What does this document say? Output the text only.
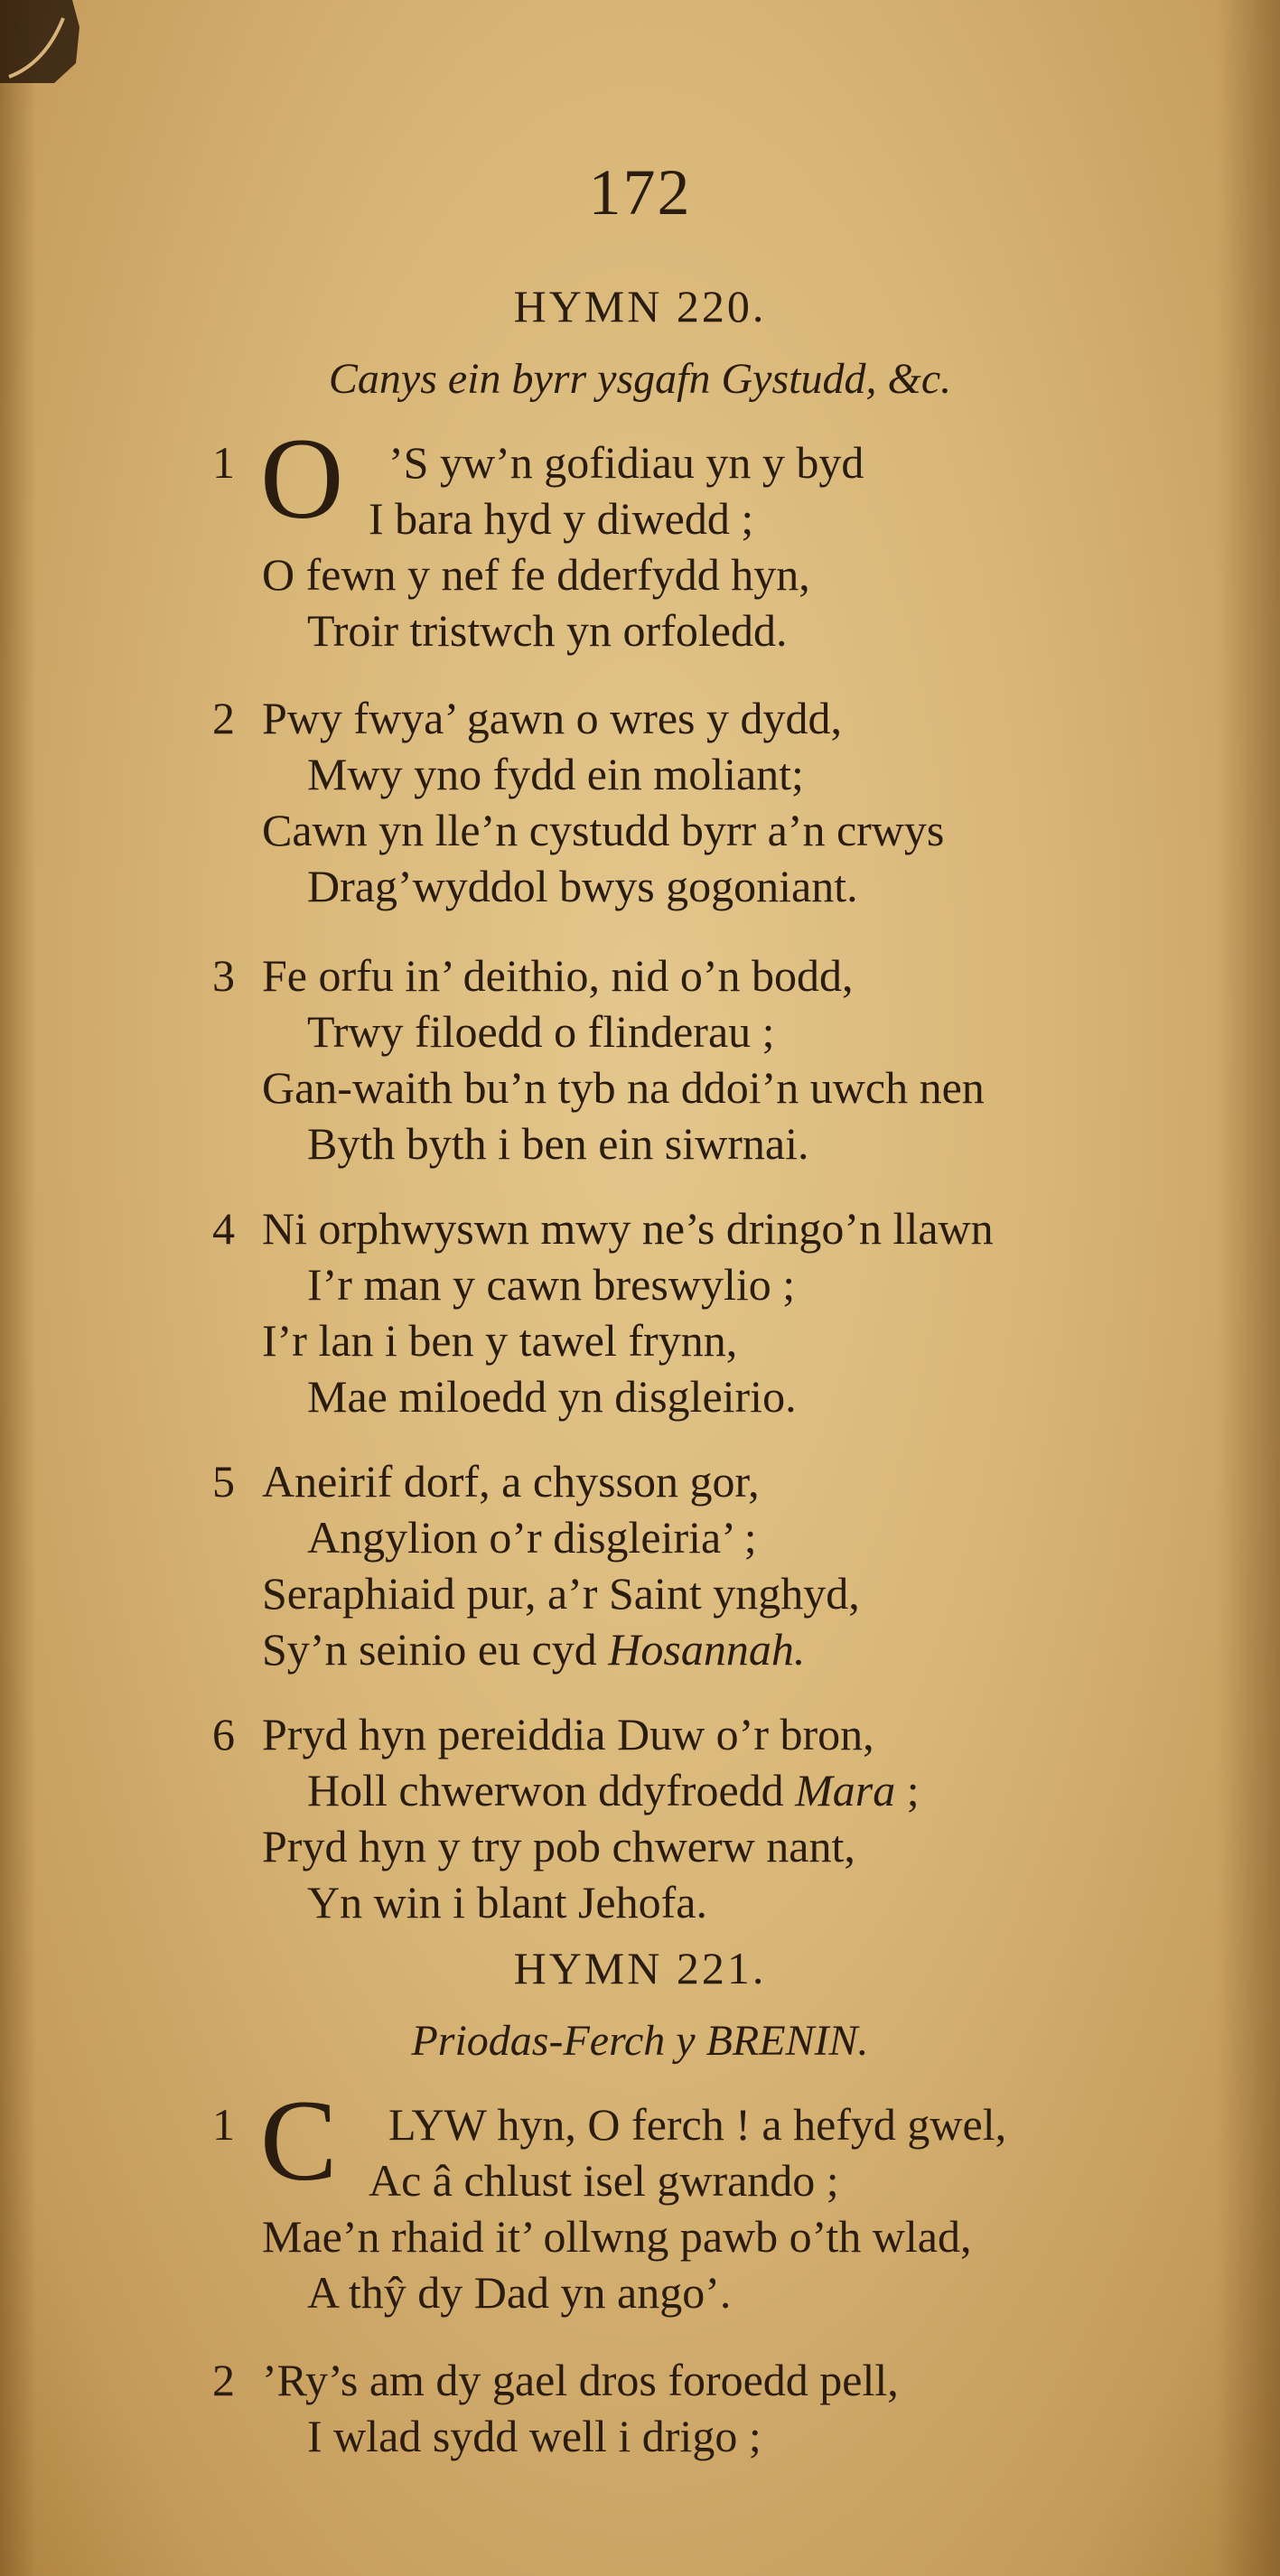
172
HYMN 220.
Canys ein byrr ysgafn Gystudd, &c.
1 O ’S yw’n gofidiau yn y byd
I bara hyd y diwedd ;
O fewn y nef fe dderfydd hyn,
Troir tristwch yn orfoledd.
2 Pwy fwya’ gawn o wres y dydd,
Mwy yno fydd ein moliant;
Cawn yn lle’n cystudd byrr a’n crwys
Drag’wyddol bwys gogoniant.
3 Fe orfu in’ deithio, nid o’n bodd,
Trwy filoedd o flinderau ;
Gan-waith bu’n tyb na ddoi’n uwch nen
Byth byth i ben ein siwrnai.
4 Ni orphwyswn mwy ne’s dringo’n llawn
I’r man y cawn breswylio ;
I’r lan i ben y tawel frynn,
Mae miloedd yn disgleirio.
5 Aneirif dorf, a chysson gor,
Angylion o’r disgleiria’ ;
Seraphiaid pur, a’r Saint ynghyd,
Sy’n seinio eu cyd Hosannah.
6 Pryd hyn pereiddia Duw o’r bron,
Holl chwerwon ddyfroedd Mara ;
Pryd hyn y try pob chwerw nant,
Yn win i blant Jehofa.
HYMN 221.
Priodas-Ferch y BRENIN.
1 C LYW hyn, O ferch ! a hefyd gwel,
Ac â chlust isel gwrando ;
Mae’n rhaid it’ ollwng pawb o’th wlad,
A thŷ dy Dad yn ango’.
2 ’Ry’s am dy gael dros foroedd pell,
I wlad sydd well i drigo ;
